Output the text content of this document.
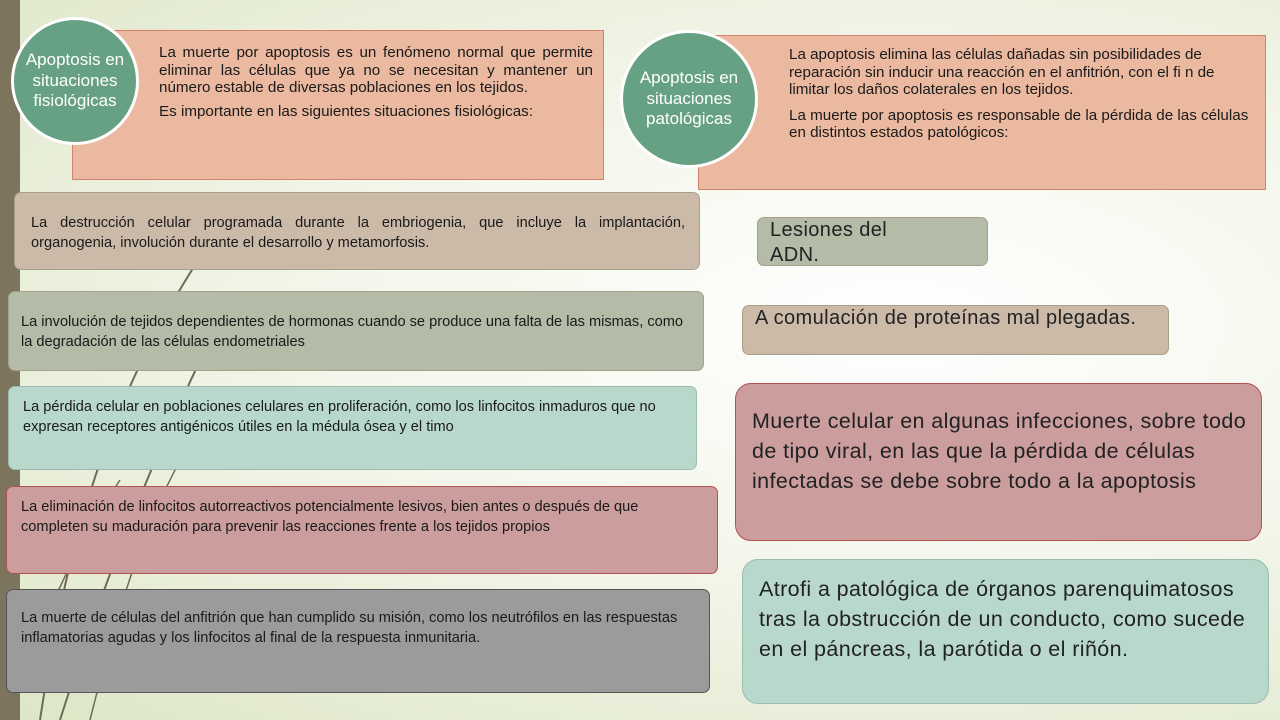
La muerte por apoptosis es un fenómeno normal que permite eliminar las células que ya no se necesitan y mantener un número estable de diversas poblaciones en los tejidos.

Es importante en las siguientes situaciones fisiológicas:

Apoptosis en situaciones fisiológicas

La apoptosis elimina las células dañadas sin posibilidades de reparación sin inducir una reacción en el anfitrión, con el fi n de limitar los daños colaterales en los tejidos.

La muerte por apoptosis es responsable de la pérdida de las células en distintos estados patológicos:

Apoptosis en situaciones patológicas
La destrucción celular programada durante la embriogenia, que incluye la implantación, organogenia, involución durante el desarrollo y metamorfosis.
La involución de tejidos dependientes de hormonas cuando se produce una falta de las mismas, como la degradación de las células endometriales
La pérdida celular en poblaciones celulares en proliferación, como los linfocitos inmaduros que no expresan receptores antigénicos útiles en la médula ósea y el timo
La eliminación de linfocitos autorreactivos potencialmente lesivos, bien antes o después de que completen su maduración para prevenir las reacciones frente a los tejidos propios
La muerte de células del anfitrión que han cumplido su misión, como los neutrófilos en las respuestas inflamatorias agudas y los linfocitos al final de la respuesta inmunitaria.
Lesiones del ADN.
A comulación de proteínas mal plegadas.
Muerte celular en algunas infecciones, sobre todo de tipo viral, en las que la pérdida de células infectadas se debe sobre todo a la apoptosis
Atrofi a patológica de órganos parenquimatosos tras la obstrucción de un conducto, como sucede en el páncreas, la parótida o el riñón.
